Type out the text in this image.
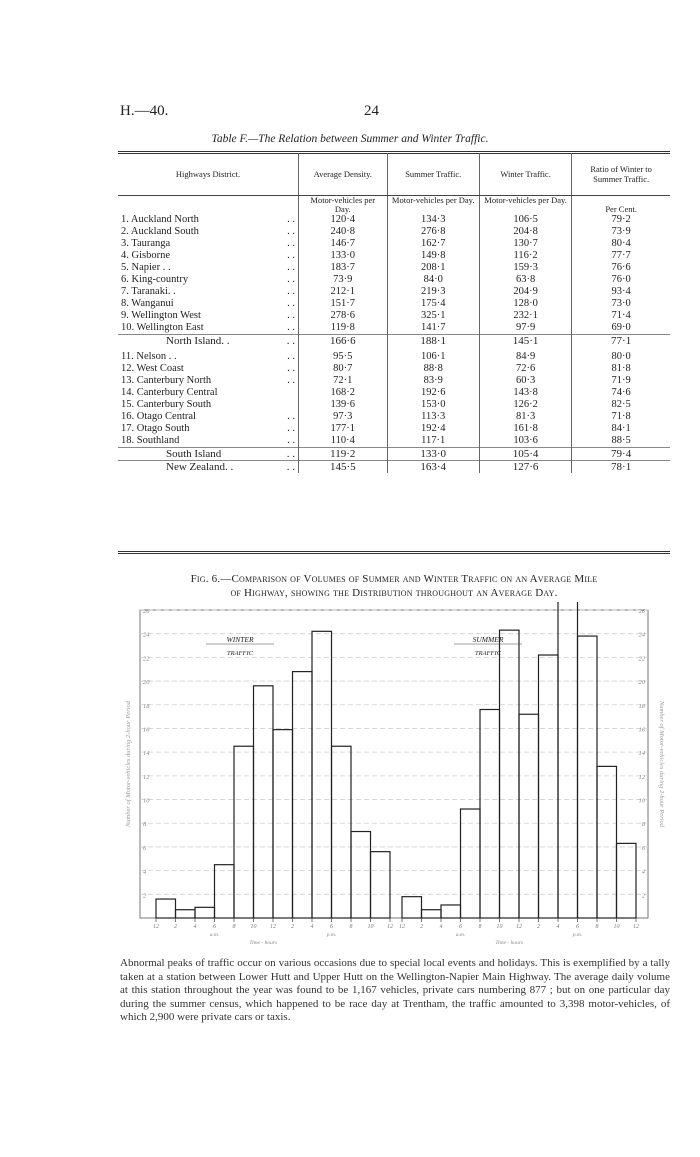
H.—40.	24
Table F.—The Relation between Summer and Winter Traffic.
Highways District.		Average Density.	Summer Traffic.	Winter Traffic.	Ratio of Winter to Summer Traffic.
		Motor-vehicles per Day.	Motor-vehicles per Day.	Motor-vehicles per Day.	Per Cent.
1. Auckland North	. .	120·4	134·3	106·5	79·2
2. Auckland South	. .	240·8	276·8	204·8	73·9
3. Tauranga	. .	146·7	162·7	130·7	80·4
4. Gisborne	. .	133·0	149·8	116·2	77·7
5. Napier . .	. .	183·7	208·1	159·3	76·6
6. King-country	. .	73·9	84·0	63·8	76·0
7. Taranaki. .	. .	212·1	219·3	204·9	93·4
8. Wanganui	. .	151·7	175·4	128·0	73·0
9. Wellington West	. .	278·6	325·1	232·1	71·4
10. Wellington East	. .	119·8	141·7	97·9	69·0
North Island. .	. .	166·6	188·1	145·1	77·1
11. Nelson . .	. .	95·5	106·1	84·9	80·0
12. West Coast	. .	80·7	88·8	72·6	81·8
13. Canterbury North	. .	72·1	83·9	60·3	71·9
14. Canterbury Central		168·2	192·6	143·8	74·6
15. Canterbury South		139·6	153·0	126·2	82·5
16. Otago Central	. .	97·3	113·3	81·3	71·8
17. Otago South	. .	177·1	192·4	161·8	84·1
18. Southland	. .	110·4	117·1	103·6	88·5
South Island	. .	119·2	133·0	105·4	79·4
New Zealand. .	. .	145·5	163·4	127·6	78·1
Fig. 6.—Comparison of Volumes of Summer and Winter Traffic on an Average Mile
of Highway, showing the Distribution throughout an Average Day.
2	2
4	4
6	6
8	8
10	10
12	12
14	14
16	16
18	18
20	20
22	22
24	24
26	26
Number of Motor-vehicles during 2-hour Period	Number of Motor-vehicles during 2-hour Period
12	2	4	6	8	10 12	2	4	6	8	10 12
a.m.	p.m.
Time - hours
WINTER
TRAFFIC
12	2	4	6	8	10 12	2	4	6	8	10 12
a.m.	p.m.
Time - hours
SUMMER
TRAFFIC
Abnormal peaks of traffic occur on various occasions due to special local events and holidays. This is exemplified by a tally taken at a station between Lower Hutt and Upper Hutt on the Wellington-Napier Main Highway. The average daily volume at this station throughout the year was found to be 1,167 vehicles, private cars numbering 877 ; but on one particular day during the summer census, which happened to be race day at Trentham, the traffic amounted to 3,398 motor-vehicles, of which 2,900 were private cars or taxis.
